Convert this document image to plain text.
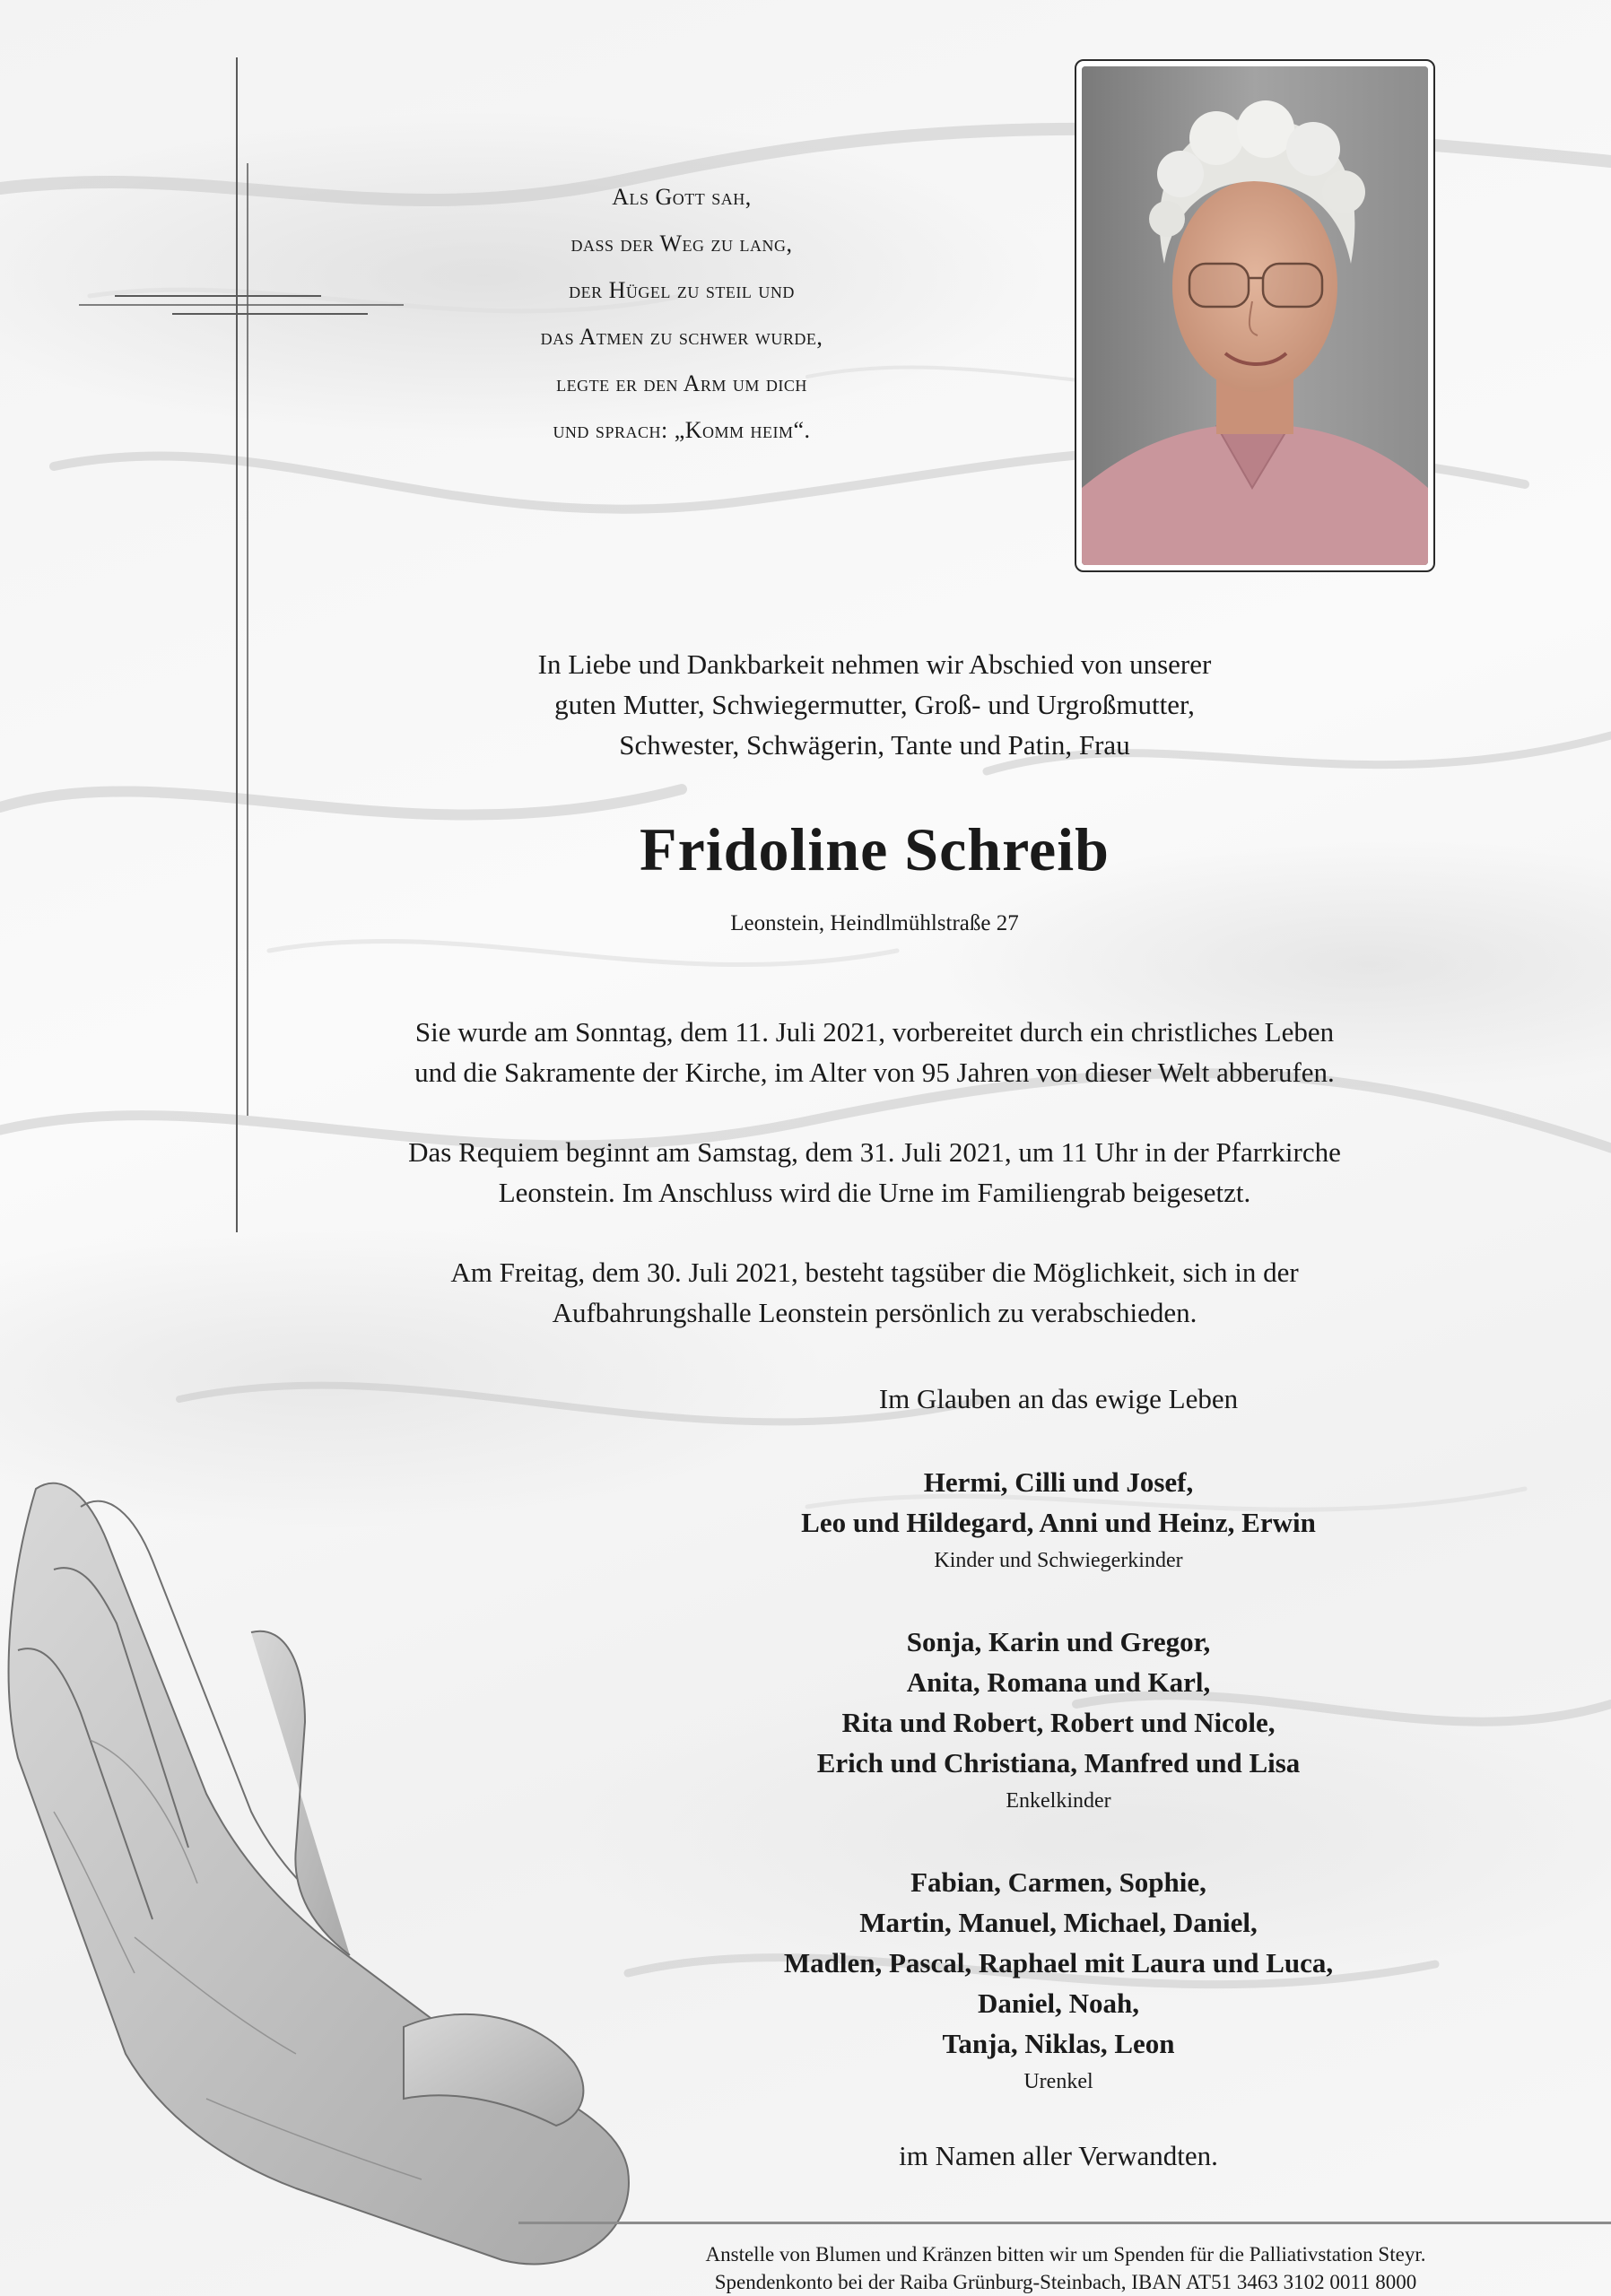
Als Gott sah,
dass der Weg zu lang,
der Hügel zu steil und
das Atmen zu schwer wurde,
legte er den Arm um dich
und sprach: „Komm heim“.
In Liebe und Dankbarkeit nehmen wir Abschied von unserer
guten Mutter, Schwiegermutter, Groß- und Urgroßmutter,
Schwester, Schwägerin, Tante und Patin, Frau
Fridoline Schreib
Leonstein, Heindlmühlstraße 27
Sie wurde am Sonntag, dem 11. Juli 2021, vorbereitet durch ein christliches Leben
und die Sakramente der Kirche, im Alter von 95 Jahren von dieser Welt abberufen.
Das Requiem beginnt am Samstag, dem 31. Juli 2021, um 11 Uhr in der Pfarrkirche
Leonstein. Im Anschluss wird die Urne im Familiengrab beigesetzt.
Am Freitag, dem 30. Juli 2021, besteht tagsüber die Möglichkeit, sich in der
Aufbahrungshalle Leonstein persönlich zu verabschieden.
Im Glauben an das ewige Leben
Hermi, Cilli und Josef,
Leo und Hildegard, Anni und Heinz, Erwin
Kinder und Schwiegerkinder
Sonja, Karin und Gregor,
Anita, Romana und Karl,
Rita und Robert, Robert und Nicole,
Erich und Christiana, Manfred und Lisa
Enkelkinder
Fabian, Carmen, Sophie,
Martin, Manuel, Michael, Daniel,
Madlen, Pascal, Raphael mit Laura und Luca,
Daniel, Noah,
Tanja, Niklas, Leon
Urenkel
im Namen aller Verwandten.
Anstelle von Blumen und Kränzen bitten wir um Spenden für die Palliativstation Steyr.
Spendenkonto bei der Raiba Grünburg-Steinbach, IBAN AT51 3463 3102 0011 8000
